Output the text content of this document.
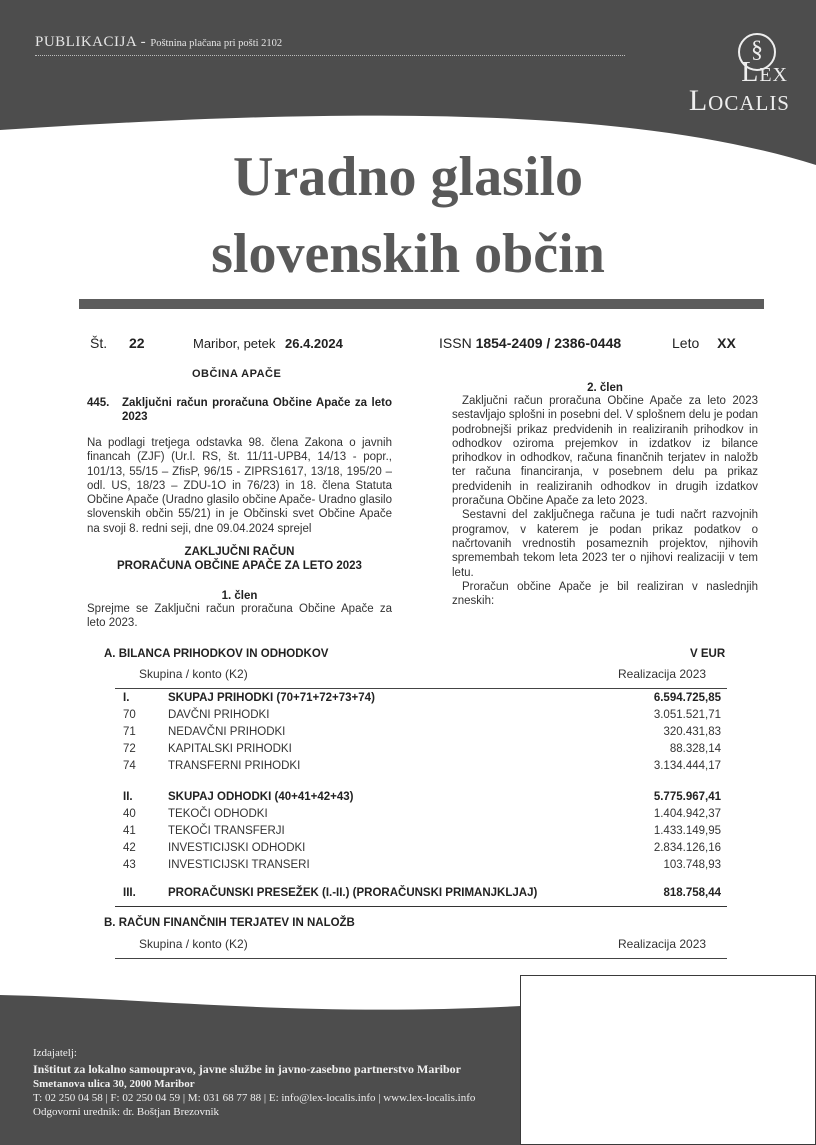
PUBLIKACIJA - Poštnina plačana pri pošti 2102	§
Lex
Localis
Uradno glasilo
slovenskih občin
Št. 22	Maribor, petek 26.4.2024	ISSN 1854-2409 / 2386-0448	Leto XX
OBČINA APAČE
445. Zaključni račun proračuna Občine Apače za leto 2023
Na podlagi tretjega odstavka 98. člena Zakona o javnih financah (ZJF) (Ur.l. RS, št. 11/11-UPB4, 14/13 - popr., 101/13, 55/15 – ZfisP, 96/15 - ZIPRS1617, 13/18, 195/20 – odl. US, 18/23 – ZDU-1O in 76/23) in 18. člena Statuta Občine Apače (Uradno glasilo občine Apače- Uradno glasilo slovenskih občin 55/21) in je Občinski svet Občine Apače na svoji 8. redni seji, dne 09.04.2024 sprejel
ZAKLJUČNI RAČUN
PRORAČUNA OBČINE APAČE ZA LETO 2023
1. člen
Sprejme se Zaključni račun proračuna Občine Apače za leto 2023.
2. člen

Zaključni račun proračuna Občine Apače za leto 2023 sestavljajo splošni in posebni del. V splošnem delu je podan podrobnejši prikaz predvidenih in realiziranih prihodkov in odhodkov oziroma prejemkov in izdatkov iz bilance prihodkov in odhodkov, računa finančnih terjatev in naložb ter računa financiranja, v posebnem delu pa prikaz predvidenih in realiziranih odhodkov in drugih izdatkov proračuna Občine Apače za leto 2023.

Sestavni del zaključnega računa je tudi načrt razvojnih programov, v katerem je podan prikaz podatkov o načrtovanih vrednostih posameznih projektov, njihovih spremembah tekom leta 2023 ter o njihovi realizaciji v tem letu.

Proračun občine Apače je bil realiziran v naslednjih zneskih:

A. BILANCA PRIHODKOV IN ODHODKOV	V EUR
Skupina / konto (K2)	Realizacija 2023
I.	SKUPAJ PRIHODKI (70+71+72+73+74)	6.594.725,85
70	DAVČNI PRIHODKI	3.051.521,71
71	NEDAVČNI PRIHODKI	320.431,83
72	KAPITALSKI PRIHODKI	88.328,14
74	TRANSFERNI PRIHODKI	3.134.444,17
II.	SKUPAJ ODHODKI (40+41+42+43)	5.775.967,41
40	TEKOČI ODHODKI	1.404.942,37
41	TEKOČI TRANSFERJI	1.433.149,95
42	INVESTICIJSKI ODHODKI	2.834.126,16
43	INVESTICIJSKI TRANSERI	103.748,93
III.	PRORAČUNSKI PRESEŽEK (I.-II.) (PRORAČUNSKI PRIMANJKLJAJ)	818.758,44
B. RAČUN FINANČNIH TERJATEV IN NALOŽB
Skupina / konto (K2)	Realizacija 2023
Izdajatelj:
Inštitut za lokalno samoupravo, javne službe in javno-zasebno partnerstvo Maribor
Smetanova ulica 30, 2000 Maribor
T: 02 250 04 58 | F: 02 250 04 59 | M: 031 68 77 88 | E: info@lex-localis.info | www.lex-localis.info
Odgovorni urednik: dr. Boštjan Brezovnik
